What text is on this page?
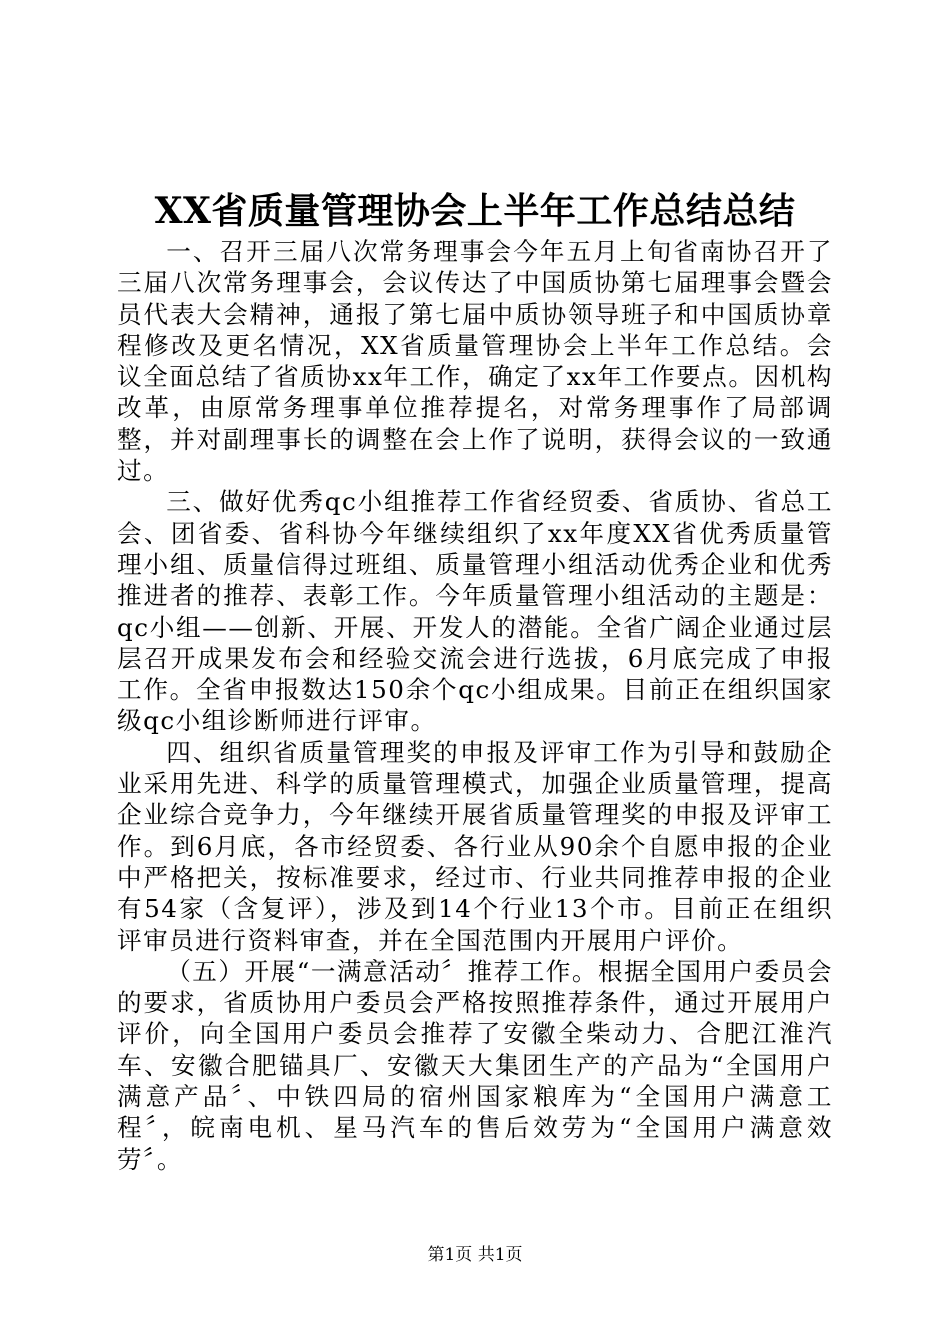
XX省质量管理协会上半年工作总结总结

一、召开三届八次常务理事会今年五月上旬省南协召开了三届八次常务理事会，会议传达了中国质协第七届理事会暨会员代表大会精神，通报了第七届中质协领导班子和中国质协章程修改及更名情况，XX省质量管理协会上半年工作总结。会议全面总结了省质协xx年工作，确定了xx年工作要点。因机构改革，由原常务理事单位推荐提名，对常务理事作了局部调整，并对副理事长的调整在会上作了说明，获得会议的一致通过。

三、做好优秀qc小组推荐工作省经贸委、省质协、省总工会、团省委、省科协今年继续组织了xx年度XX省优秀质量管理小组、质量信得过班组、质量管理小组活动优秀企业和优秀推进者的推荐、表彰工作。今年质量管理小组活动的主题是：qc小组——创新、开展、开发人的潜能。全省广阔企业通过层层召开成果发布会和经验交流会进行选拔，6月底完成了申报工作。全省申报数达150余个qc小组成果。目前正在组织国家级qc小组诊断师进行评审。

四、组织省质量管理奖的申报及评审工作为引导和鼓励企业采用先进、科学的质量管理模式，加强企业质量管理，提高企业综合竞争力，今年继续开展省质量管理奖的申报及评审工作。到6月底，各市经贸委、各行业从90余个自愿申报的企业中严格把关，按标准要求，经过市、行业共同推荐申报的企业有54家（含复评），涉及到14个行业13个市。目前正在组织评审员进行资料审查，并在全国范围内开展用户评价。

（五）开展“一满意活动〞推荐工作。根据全国用户委员会的要求，省质协用户委员会严格按照推荐条件，通过开展用户评价，向全国用户委员会推荐了安徽全柴动力、合肥江淮汽车、安徽合肥锚具厂、安徽天大集团生产的产品为“全国用户满意产品〞、中铁四局的宿州国家粮库为“全国用户满意工程〞，皖南电机、星马汽车的售后效劳为“全国用户满意效劳〞。

第1页 共1页
